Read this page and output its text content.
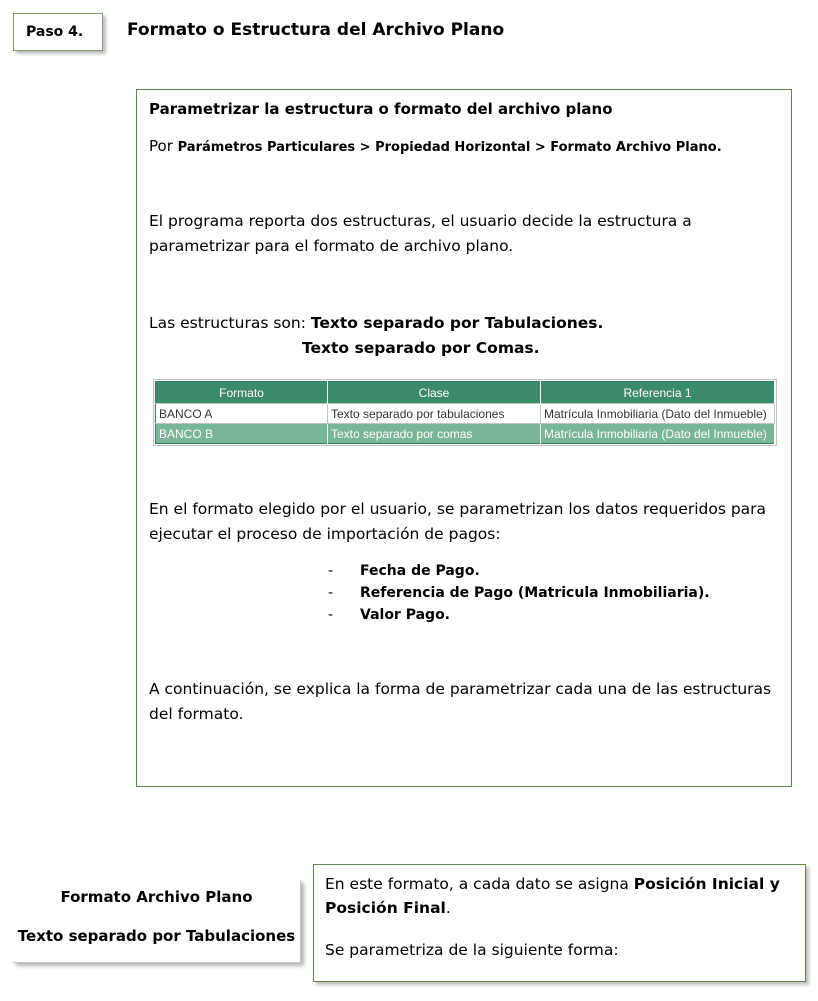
Paso 4.	Formato o Estructura del Archivo Plano
Parametrizar la estructura o formato del archivo plano
Por Parámetros Particulares > Propiedad Horizontal > Formato Archivo Plano.
El programa reporta dos estructuras, el usuario decide la estructura a parametrizar para el formato de archivo plano.
Las estructuras son: Texto separado por Tabulaciones.
Texto separado por Comas.
Formato	Clase	Referencia 1
BANCO A	Texto separado por tabulaciones	Matrícula Inmobiliaria (Dato del Inmueble)
BANCO B	Texto separado por comas	Matrícula Inmobiliaria (Dato del Inmueble)
En el formato elegido por el usuario, se parametrizan los datos requeridos para ejecutar el proceso de importación de pagos:
- Fecha de Pago.
- Referencia de Pago (Matricula Inmobiliaria).
- Valor Pago.
A continuación, se explica la forma de parametrizar cada una de las estructuras del formato.
Formato Archivo Plano
Texto separado por Tabulaciones
En este formato, a cada dato se asigna Posición Inicial y
Posición Final.
Se parametriza de la siguiente forma:
